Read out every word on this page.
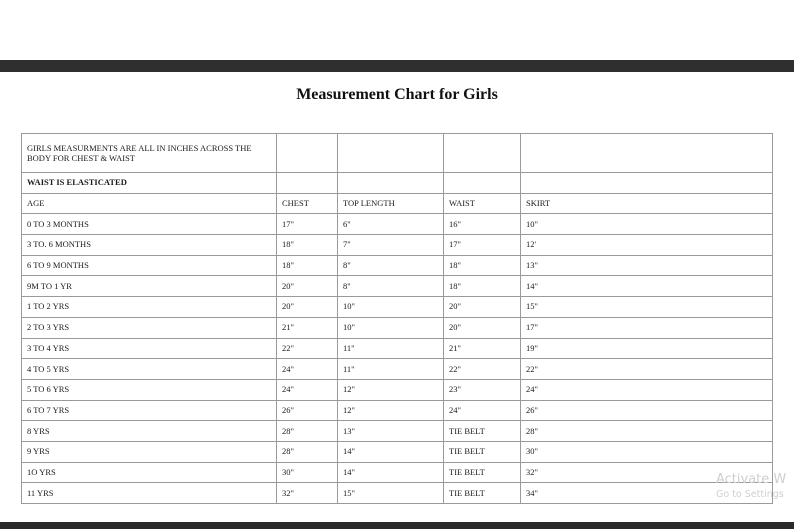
Measurement Chart for Girls
GIRLS MEASURMENTS ARE ALL IN INCHES ACROSS THE BODY FOR CHEST & WAIST				
WAIST IS ELASTICATED				
AGE	CHEST	TOP LENGTH	WAIST	SKIRT
0 TO 3 MONTHS	17"	6"	16"	10"
3 TO. 6 MONTHS	18"	7"	17"	12'
6 TO 9 MONTHS	18"	8"	18"	13"
9M TO 1 YR	20"	8"	18"	14"
1 TO 2 YRS	20"	10"	20"	15"
2 TO 3 YRS	21"	10"	20"	17"
3 TO 4 YRS	22"	11"	21"	19"
4 TO 5 YRS	24"	11"	22"	22"
5 TO 6 YRS	24"	12"	23"	24"
6 TO 7 YRS	26"	12"	24"	26"
8 YRS	28"	13"	TIE BELT	28"
9 YRS	28"	14"	TIE BELT	30"
1O YRS	30"	14"	TIE BELT	32"
11 YRS	32"	15"	TIE BELT	34"
Activate W
Go to Settings
